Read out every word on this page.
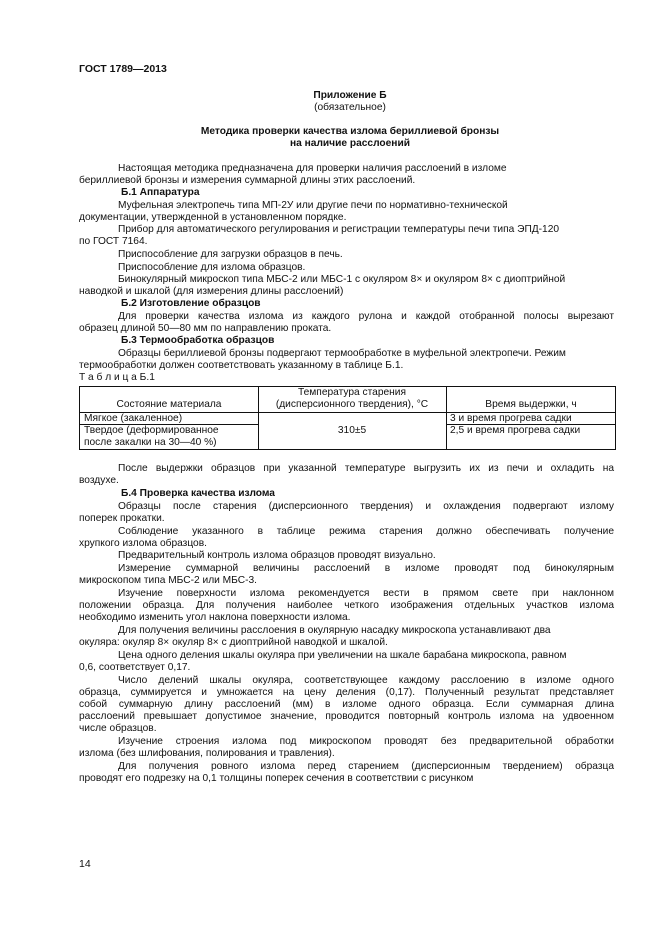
ГОСТ 1789—2013
Приложение Б
(обязательное)
Методика проверки качества излома бериллиевой бронзы
на наличие расслоений
Настоящая методика предназначена для проверки наличия расслоений в изломе
бериллиевой бронзы и измерения суммарной длины этих расслоений.
Б.1 Аппаратура
Муфельная электропечь типа МП-2У или другие печи по нормативно-технической
документации, утвержденной в установленном порядке.
Прибор для автоматического регулирования и регистрации температуры печи типа ЭПД-120
по ГОСТ 7164.
Приспособление для загрузки образцов в печь.
Приспособление для излома образцов.
Бинокулярный микроскоп типа МБС-2 или МБС-1 с окуляром 8× и окуляром 8× с диоптрийной
наводкой и шкалой (для измерения длины расслоений)
Б.2 Изготовление образцов
Для проверки качества излома из каждого рулона и каждой отобранной полосы вырезают
образец длиной 50—80 мм по направлению проката.
Б.3 Термообработка образцов
Образцы бериллиевой бронзы подвергают термообработке в муфельной электропечи. Режим
термообработки должен соответствовать указанному в таблице Б.1.
Т а б л и ц а Б.1
Состояние материала
Температура старения
(дисперсионного твердения), °С	Время выдержки, ч
Мягкое (закаленное)
Твердое (деформированное
после закалки на 30—40 %)
310±5
3 и время прогрева садки
2,5 и время прогрева садки
После выдержки образцов при указанной температуре выгрузить их из печи и охладить на
воздухе.
Б.4 Проверка качества излома
Образцы после старения (дисперсионного твердения) и охлаждения подвергают излому
поперек прокатки.
Соблюдение указанного в таблице режима старения должно обеспечивать получение
хрупкого излома образцов.
Предварительный контроль излома образцов проводят визуально.
Измерение суммарной величины расслоений в изломе проводят под бинокулярным
микроскопом типа МБС-2 или МБС-3.
Изучение поверхности излома рекомендуется вести в прямом свете при наклонном
положении образца. Для получения наиболее четкого изображения отдельных участков излома
необходимо изменить угол наклона поверхности излома.
Для получения величины расслоения в окулярную насадку микроскопа устанавливают два
окуляра: окуляр 8× окуляр 8× с диоптрийной наводкой и шкалой.
Цена одного деления шкалы окуляра при увеличении на шкале барабана микроскопа, равном
0,6, соответствует 0,17.
Число делений шкалы окуляра, соответствующее каждому расслоению в изломе одного
образца, суммируется и умножается на цену деления (0,17). Полученный результат представляет
собой суммарную длину расслоений (мм) в изломе одного образца. Если суммарная длина
расслоений превышает допустимое значение, проводится повторный контроль излома на удвоенном
числе образцов.
Изучение строения излома под микроскопом проводят без предварительной обработки
излома (без шлифования, полирования и травления).
Для получения ровного излома перед старением (дисперсионным твердением) образца
проводят его подрезку на 0,1 толщины поперек сечения в соответствии с рисунком
14
